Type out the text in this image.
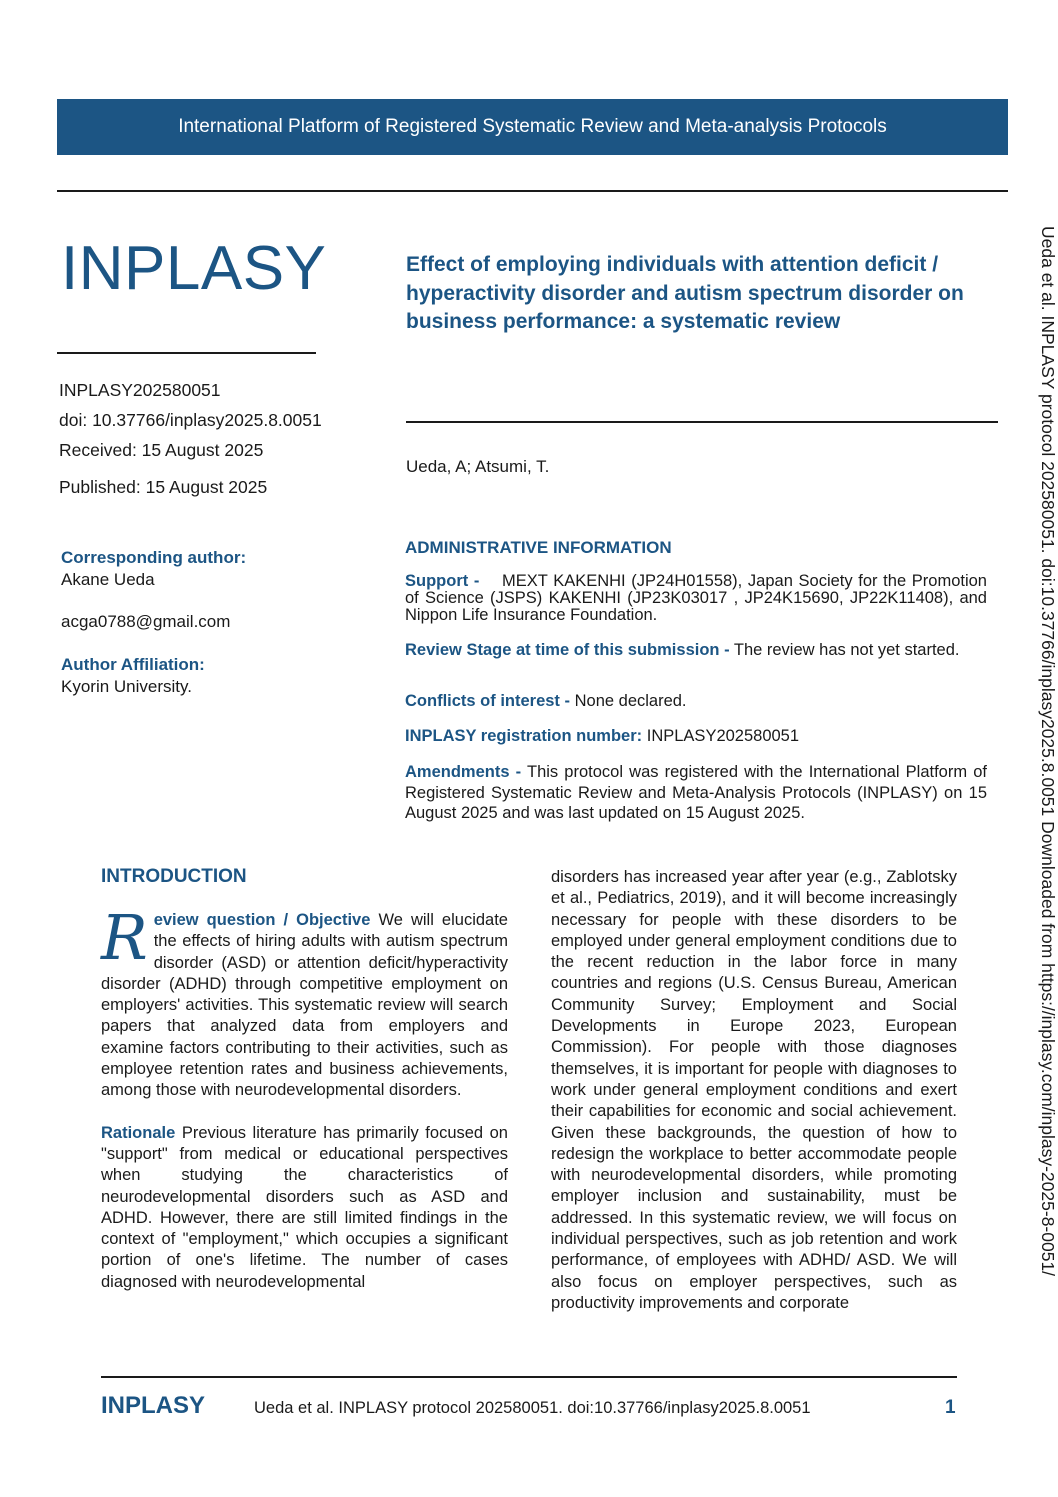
International Platform of Registered Systematic Review and Meta-analysis Protocols
INPLASY
INPLASY202580051
doi: 10.37766/inplasy2025.8.0051
Received: 15 August 2025
Published: 15 August 2025
Effect of employing individuals with attention deficit / hyperactivity disorder and autism spectrum disorder on business performance: a systematic review
Ueda, A; Atsumi, T.
Corresponding author:
Akane Ueda
acga0788@gmail.com
Author Affiliation:
Kyorin University.
ADMINISTRATIVE INFORMATION
Support - MEXT KAKENHI (JP24H01558), Japan Society for the Promotion of Science (JSPS) KAKENHI (JP23K03017 , JP24K15690, JP22K11408), and Nippon Life Insurance Foundation.
Review Stage at time of this submission - The review has not yet started.
Conflicts of interest - None declared.
INPLASY registration number: INPLASY202580051
Amendments - This protocol was registered with the International Platform of Registered Systematic Review and Meta-Analysis Protocols (INPLASY) on 15 August 2025 and was last updated on 15 August 2025.
INTRODUCTION

R eview question / Objective We will elucidate the effects of hiring adults with autism spectrum disorder (ASD) or attention deficit/hyperactivity disorder (ADHD) through competitive employment on employers' activities. This systematic review will search papers that analyzed data from employers and examine factors contributing to their activities, such as employee retention rates and business achievements, among those with neurodevelopmental disorders.

Rationale Previous literature has primarily focused on "support" from medical or educational perspectives when studying the characteristics of neurodevelopmental disorders such as ASD and ADHD. However, there are still limited findings in the context of "employment," which occupies a significant portion of one's lifetime. The number of cases diagnosed with neurodevelopmental

disorders has increased year after year (e.g., Zablotsky et al., Pediatrics, 2019), and it will become increasingly necessary for people with these disorders to be employed under general employment conditions due to the recent reduction in the labor force in many countries and regions (U.S. Census Bureau, American Community Survey; Employment and Social Developments in Europe 2023, European Commission). For people with those diagnoses themselves, it is important for people with diagnoses to work under general employment conditions and exert their capabilities for economic and social achievement. Given these backgrounds, the question of how to redesign the workplace to better accommodate people with neurodevelopmental disorders, while promoting employer inclusion and sustainability, must be addressed. In this systematic review, we will focus on individual perspectives, such as job retention and work performance, of employees with ADHD/ ASD. We will also focus on employer perspectives, such as productivity improvements and corporate
INPLASY	Ueda et al. INPLASY protocol 202580051. doi:10.37766/inplasy2025.8.0051	1
Ueda et al. INPLASY protocol 202580051. doi:10.37766/inplasy2025.8.0051 Downloaded from https://inplasy.com/inplasy-2025-8-0051/
